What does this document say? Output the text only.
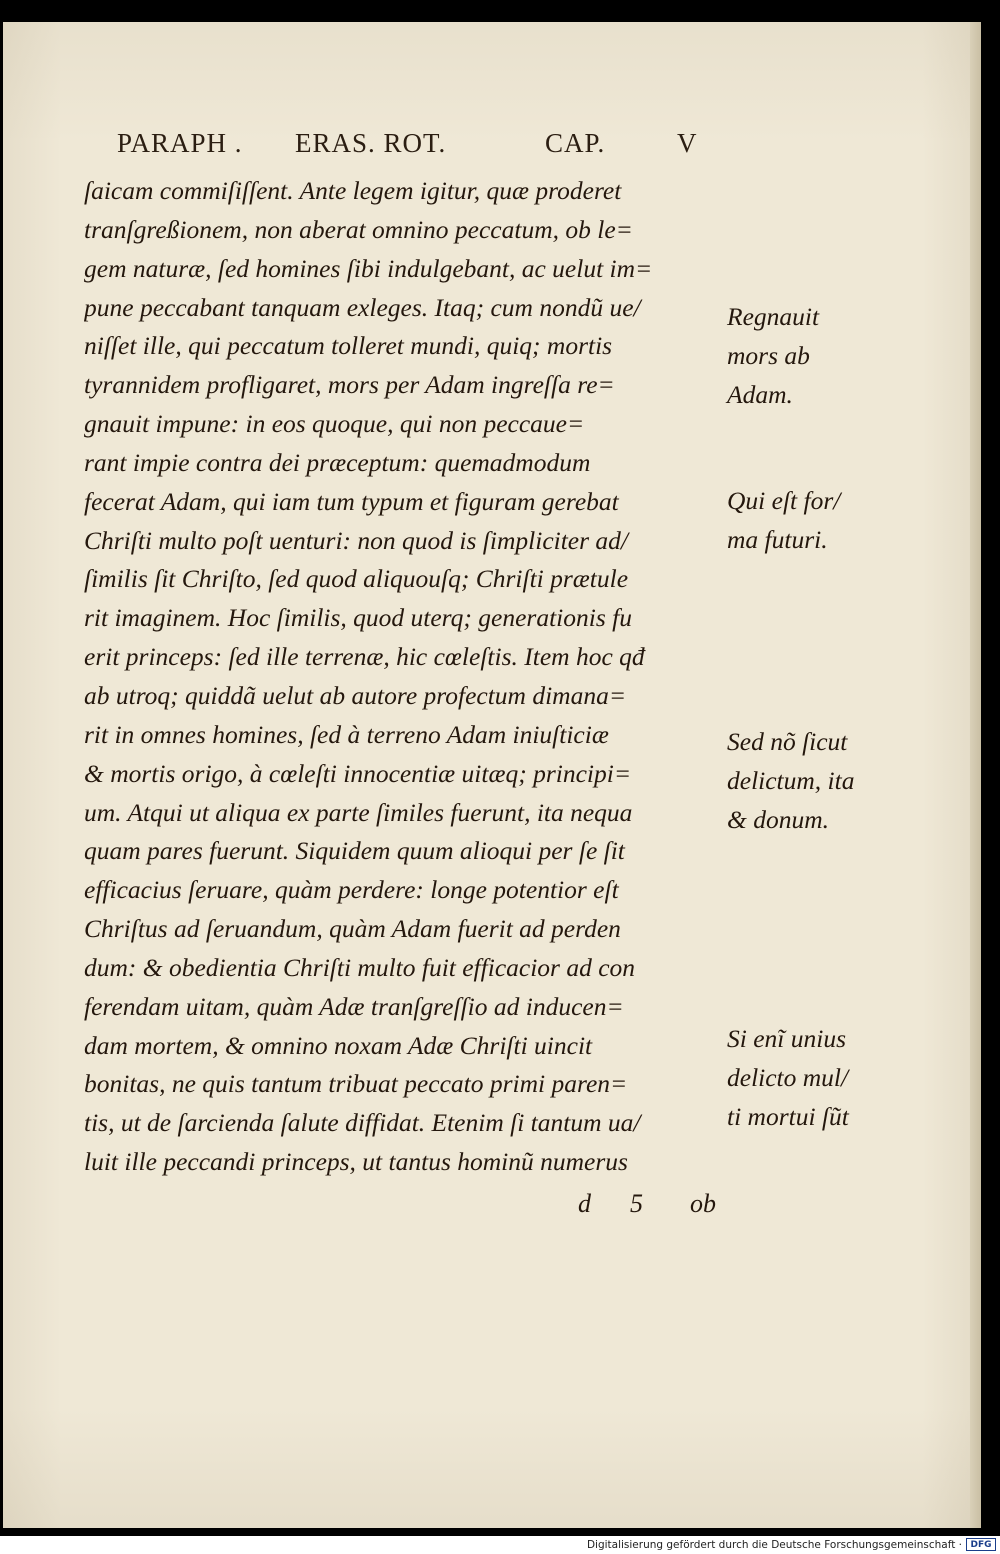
PARAPH . ERAS. ROT.	CAP.	V
ſaicam commiſiſſent. Ante legem igitur, quæ proderet
tranſgreßionem, non aberat omnino peccatum, ob le=
gem naturæ, ſed homines ſibi indulgebant, ac uelut im=
pune peccabant tanquam exleges. Itaq; cum nondũ ue/
niſſet ille, qui peccatum tolleret mundi, quiq; mortis
tyrannidem profligaret, mors per Adam ingreſſa re=
gnauit impune: in eos quoque, qui non peccaue=
rant impie contra dei præceptum: quemadmodum
fecerat Adam, qui iam tum typum et figuram gerebat
Chriſti multo poſt uenturi: non quod is ſimpliciter ad/
ſimilis ſit Chriſto, ſed quod aliquouſq; Chriſti prætule
rit imaginem. Hoc ſimilis, quod uterq; generationis fu
erit princeps: ſed ille terrenæ, hic cœleſtis. Item hoc qđ
ab utroq; quiddã uelut ab autore profectum dimana=
rit in omnes homines, ſed à terreno Adam iniuſticiæ
& mortis origo, à cœleſti innocentiæ uitæq; principi=
um. Atqui ut aliqua ex parte ſimiles fuerunt, ita nequa
quam pares fuerunt. Siquidem quum alioqui per ſe ſit
efficacius ſeruare, quàm perdere: longe potentior eſt
Chriſtus ad ſeruandum, quàm Adam fuerit ad perden
dum: & obedientia Chriſti multo fuit efficacior ad con
ferendam uitam, quàm Adæ tranſgreſſio ad inducen=
dam mortem, & omnino noxam Adæ Chriſti uincit
bonitas, ne quis tantum tribuat peccato primi paren=
tis, ut de ſarcienda ſalute diffidat. Etenim ſi tantum ua/
luit ille peccandi princeps, ut tantus hominũ numerus
Regnauit
mors ab
Adam.
Qui eſt for/
ma futuri.
Sed nõ ſicut
delictum, ita
& donum.
Si enĩ unius
delicto mul/
ti mortui ſũt
d 5 ob
Digitalisierung gefördert durch die Deutsche Forschungsgemeinschaft · DFG
